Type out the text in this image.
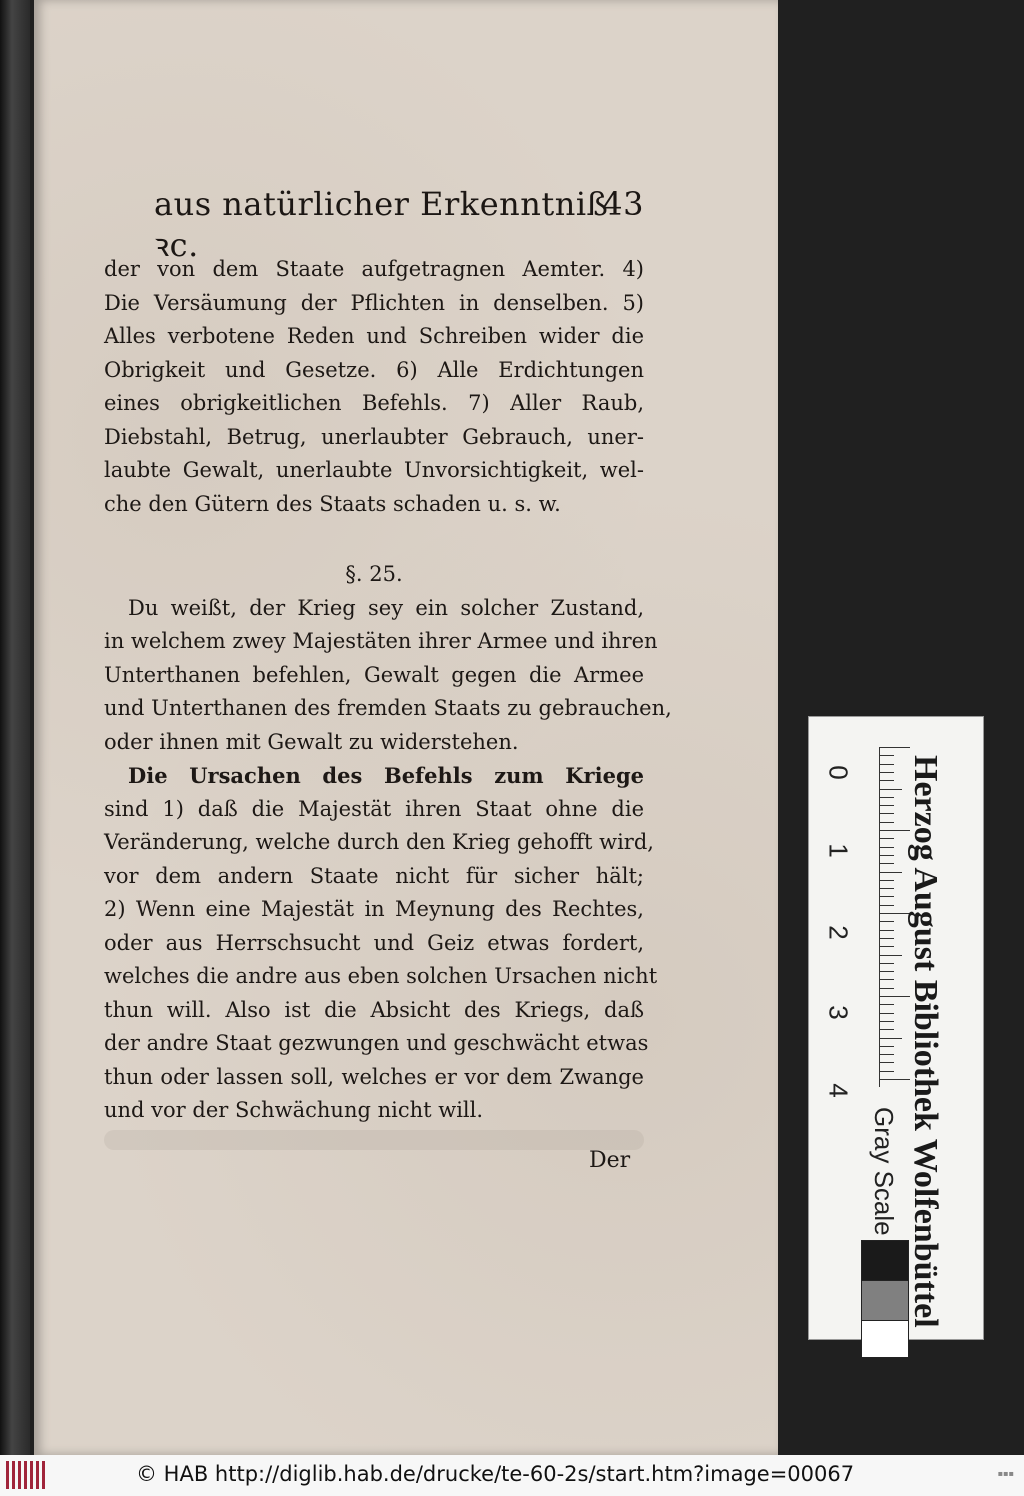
aus natürlicher Erkenntniß ꝛc.
43
der von dem Staate aufgetragnen Aemter. 4)
Die Versäumung der Pflichten in denselben. 5)
Alles verbotene Reden und Schreiben wider die
Obrigkeit und Gesetze. 6) Alle Erdichtungen
eines obrigkeitlichen Befehls. 7) Aller Raub,
Diebstahl, Betrug, unerlaubter Gebrauch, uner‐
laubte Gewalt, unerlaubte Unvorsichtigkeit, wel‐
che den Gütern des Staats schaden u. s. w.
§. 25.
Du weißt, der Krieg sey ein solcher Zustand,
in welchem zwey Majestäten ihrer Armee und ihren
Unterthanen befehlen, Gewalt gegen die Armee
und Unterthanen des fremden Staats zu gebrauchen,
oder ihnen mit Gewalt zu widerstehen.
Die Ursachen des Befehls zum Kriege
sind 1) daß die Majestät ihren Staat ohne die
Veränderung, welche durch den Krieg gehofft wird,
vor dem andern Staate nicht für sicher hält;
2) Wenn eine Majestät in Meynung des Rechtes,
oder aus Herrschsucht und Geiz etwas fordert,
welches die andre aus eben solchen Ursachen nicht
thun will. Also ist die Absicht des Kriegs, daß
der andre Staat gezwungen und geschwächt etwas
thun oder lassen soll, welches er vor dem Zwange
und vor der Schwächung nicht will.
Der
0
1
2
3
4
Gray Scale Herzog August Bibliothek Wolfenbüttel
© HAB http://diglib.hab.de/drucke/te-60-2s/start.htm?image=00067	▪▪▪
